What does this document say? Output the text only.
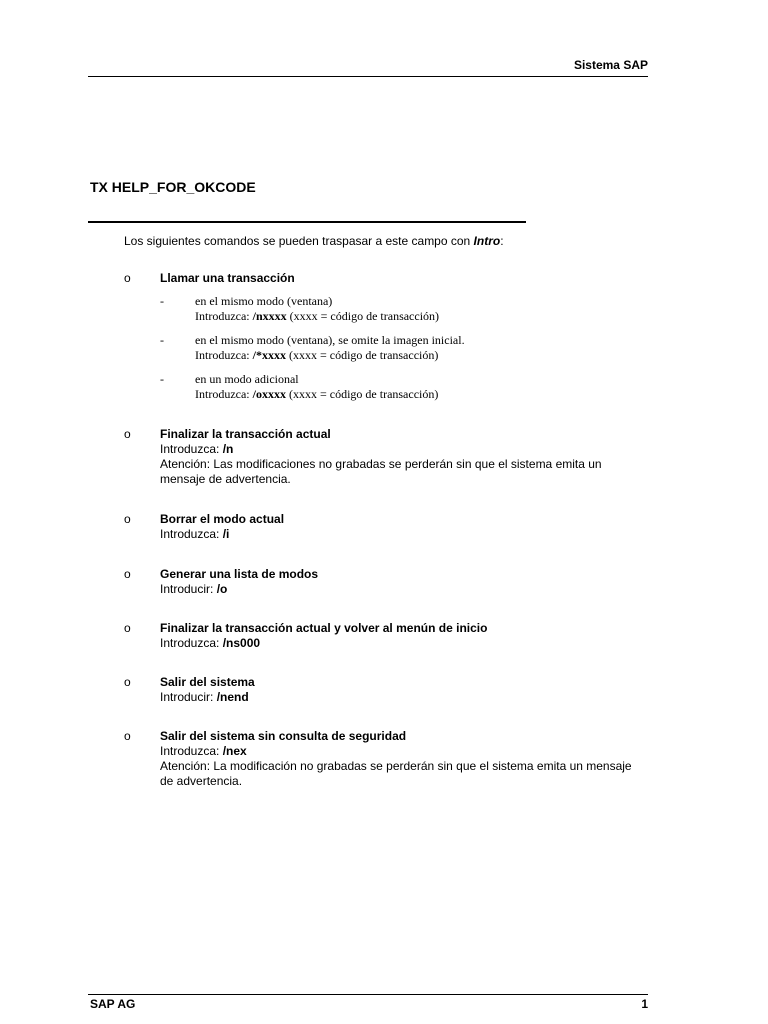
Sistema SAP
TX HELP_FOR_OKCODE
Los siguientes comandos se pueden traspasar a este campo con Intro:
o Llamar una transacción
-	en el mismo modo (ventana)
Introduzca: /nxxxx (xxxx = código de transacción)
-	en el mismo modo (ventana), se omite la imagen inicial.
Introduzca: /*xxxx (xxxx = código de transacción)
-	en un modo adicional
Introduzca: /oxxxx (xxxx = código de transacción)
o Finalizar la transacción actual
Introduzca: /n
Atención: Las modificaciones no grabadas se perderán sin que el sistema emita un
mensaje de advertencia.
o Borrar el modo actual
Introduzca: /i
o Generar una lista de modos
Introducir: /o
o Finalizar la transacción actual y volver al menún de inicio
Introduzca: /ns000
o Salir del sistema
Introducir: /nend
o Salir del sistema sin consulta de seguridad
Introduzca: /nex
Atención: La modificación no grabadas se perderán sin que el sistema emita un mensaje
de advertencia.
SAP AG	1
